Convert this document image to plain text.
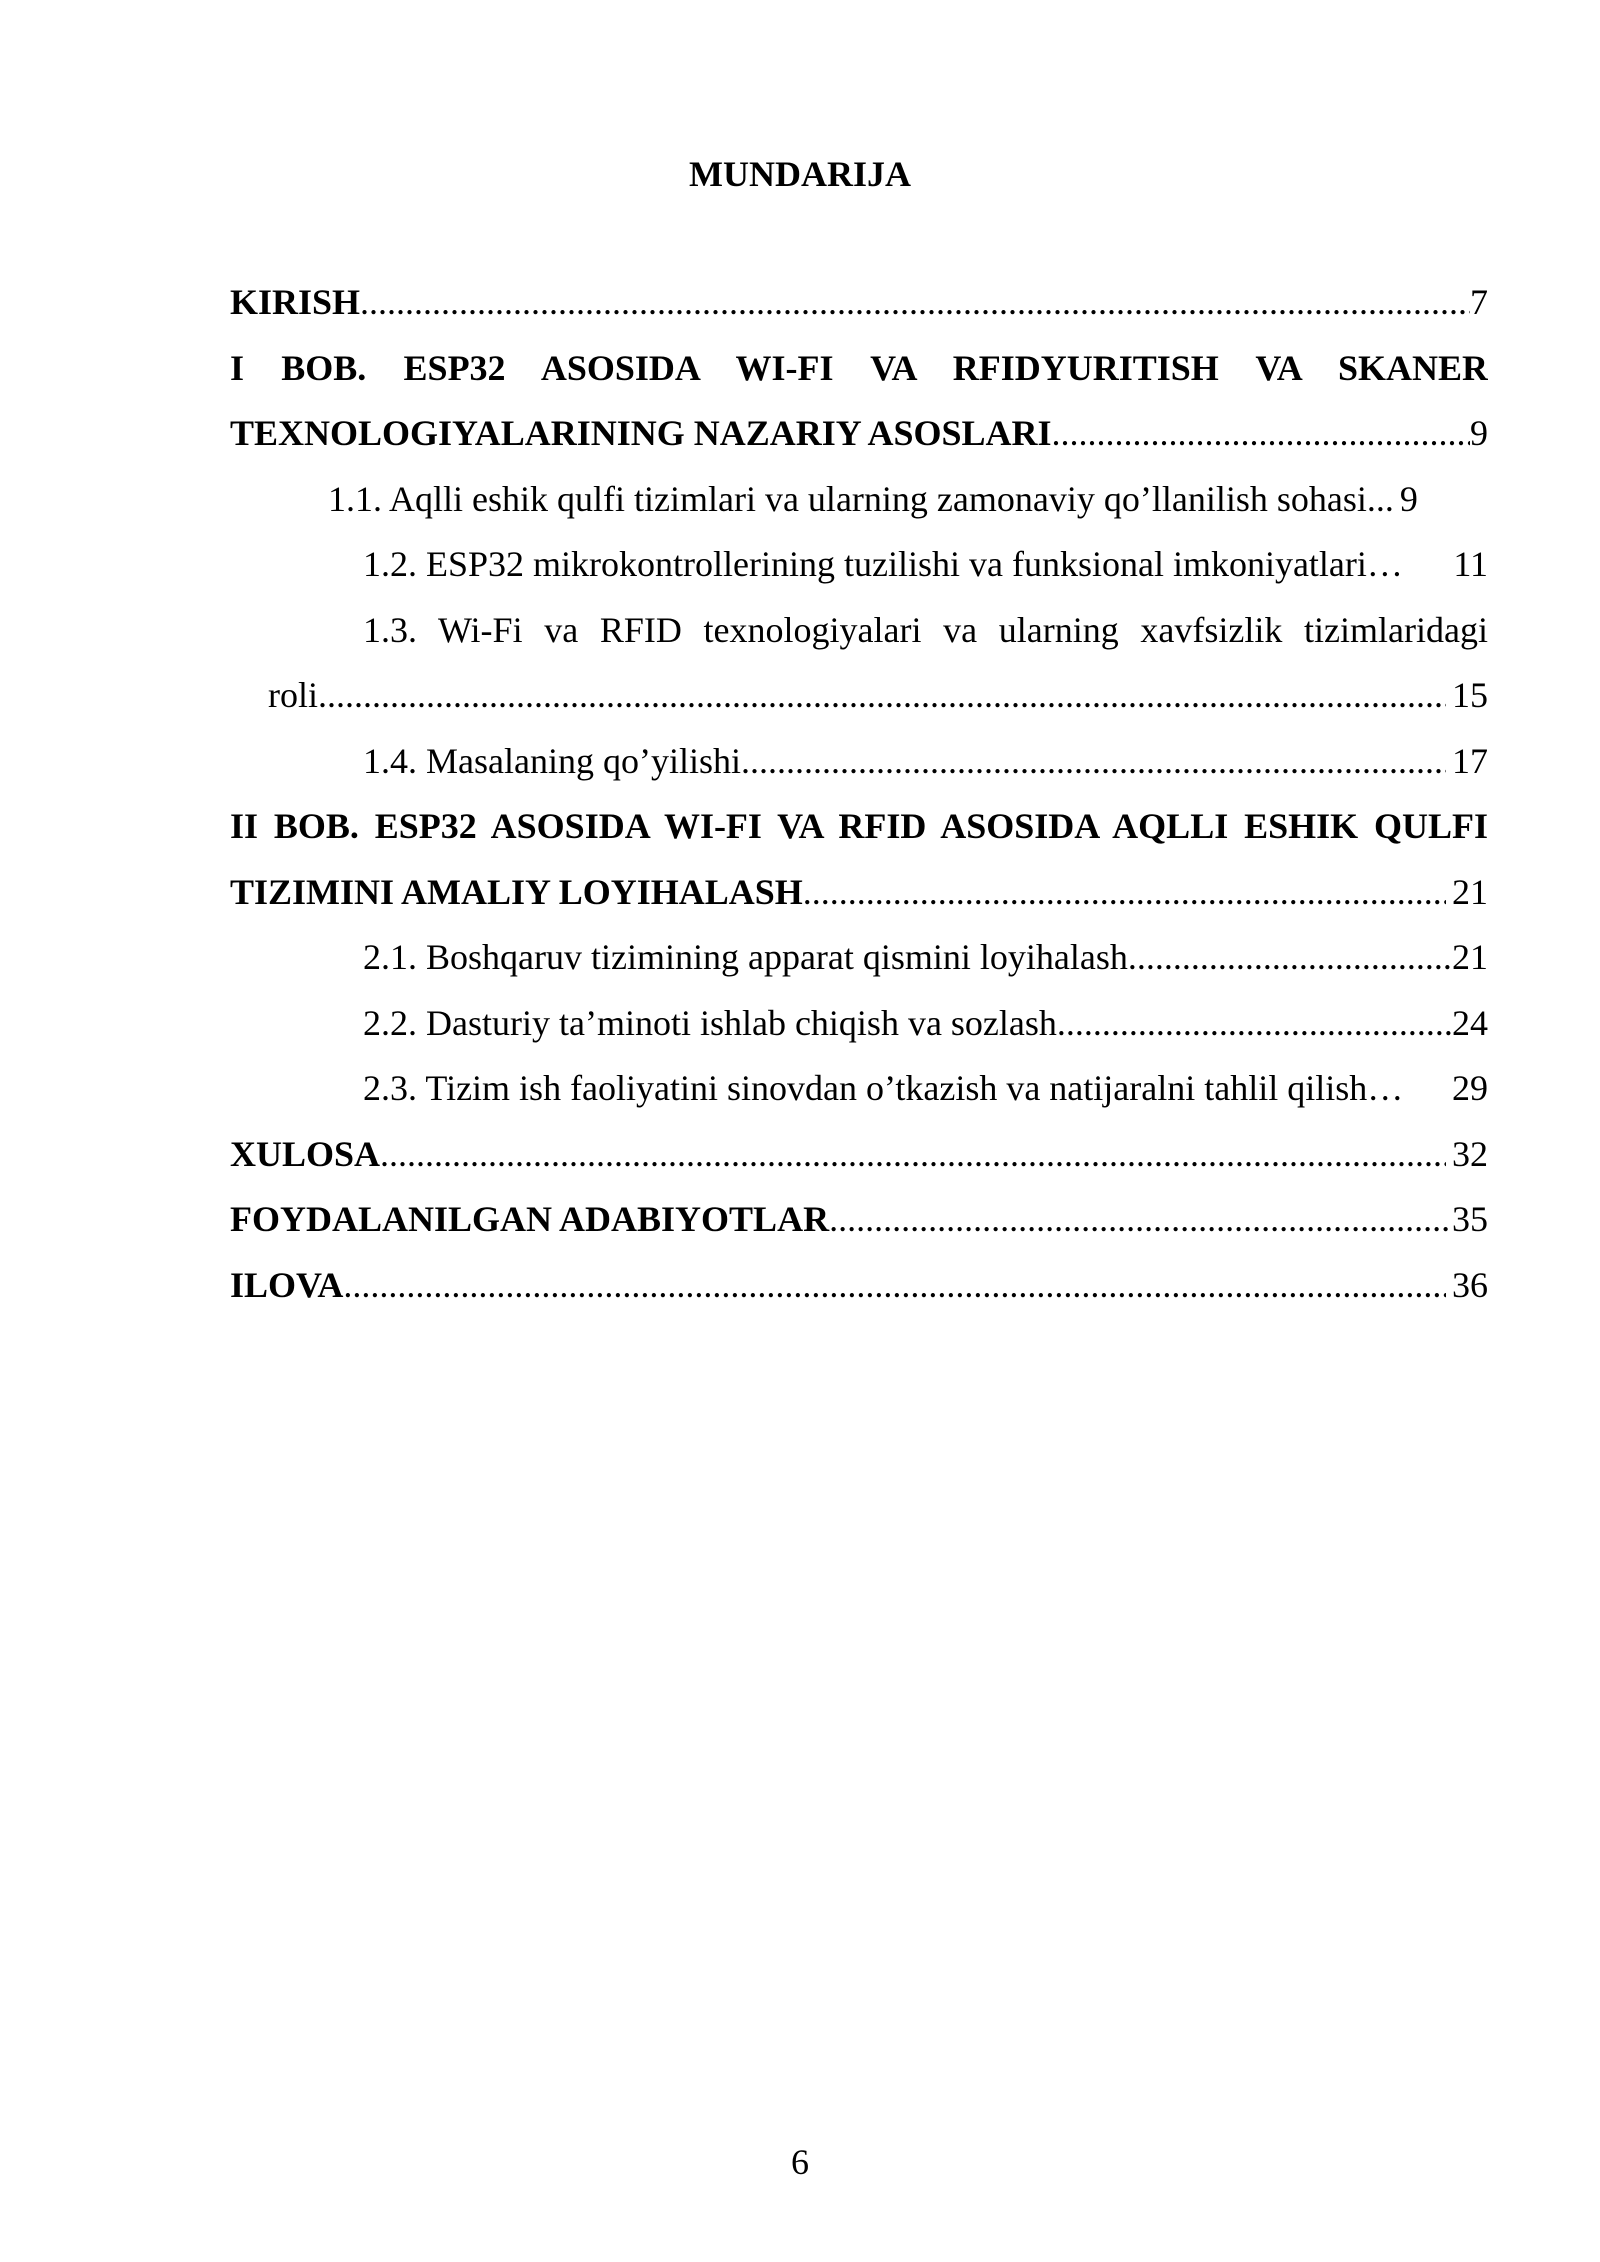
MUNDARIJA
KIRISH .....	7
I BOB. ESP32 ASOSIDA WI-FI VA RFIDYURITISH VA SKANER
TEXNOLOGIYALARINING NAZARIY ASOSLARI .....	9
1.1. Aqlli eshik qulfi tizimlari va ularning zamonaviy qo’llanilish sohasi... 9
1.2. ESP32 mikrokontrollerining tuzilishi va funksional imkoniyatlari… 11
1.3. Wi-Fi va RFID texnologiyalari va ularning xavfsizlik tizimlaridagi
roli .....	15
1.4. Masalaning qo’yilishi .....	17
II BOB. ESP32 ASOSIDA WI-FI VA RFID ASOSIDA AQLLI ESHIK QULFI
TIZIMINI AMALIY LOYIHALASH .....	21
2.1. Boshqaruv tizimining apparat qismini loyihalash .....	21
2.2. Dasturiy ta’minoti ishlab chiqish va sozlash .....	24
2.3. Tizim ish faoliyatini sinovdan o’tkazish va natijaralni tahlil qilish… 29
XULOSA .....	32
FOYDALANILGAN ADABIYOTLAR .....	35
ILOVA .....	36
6
